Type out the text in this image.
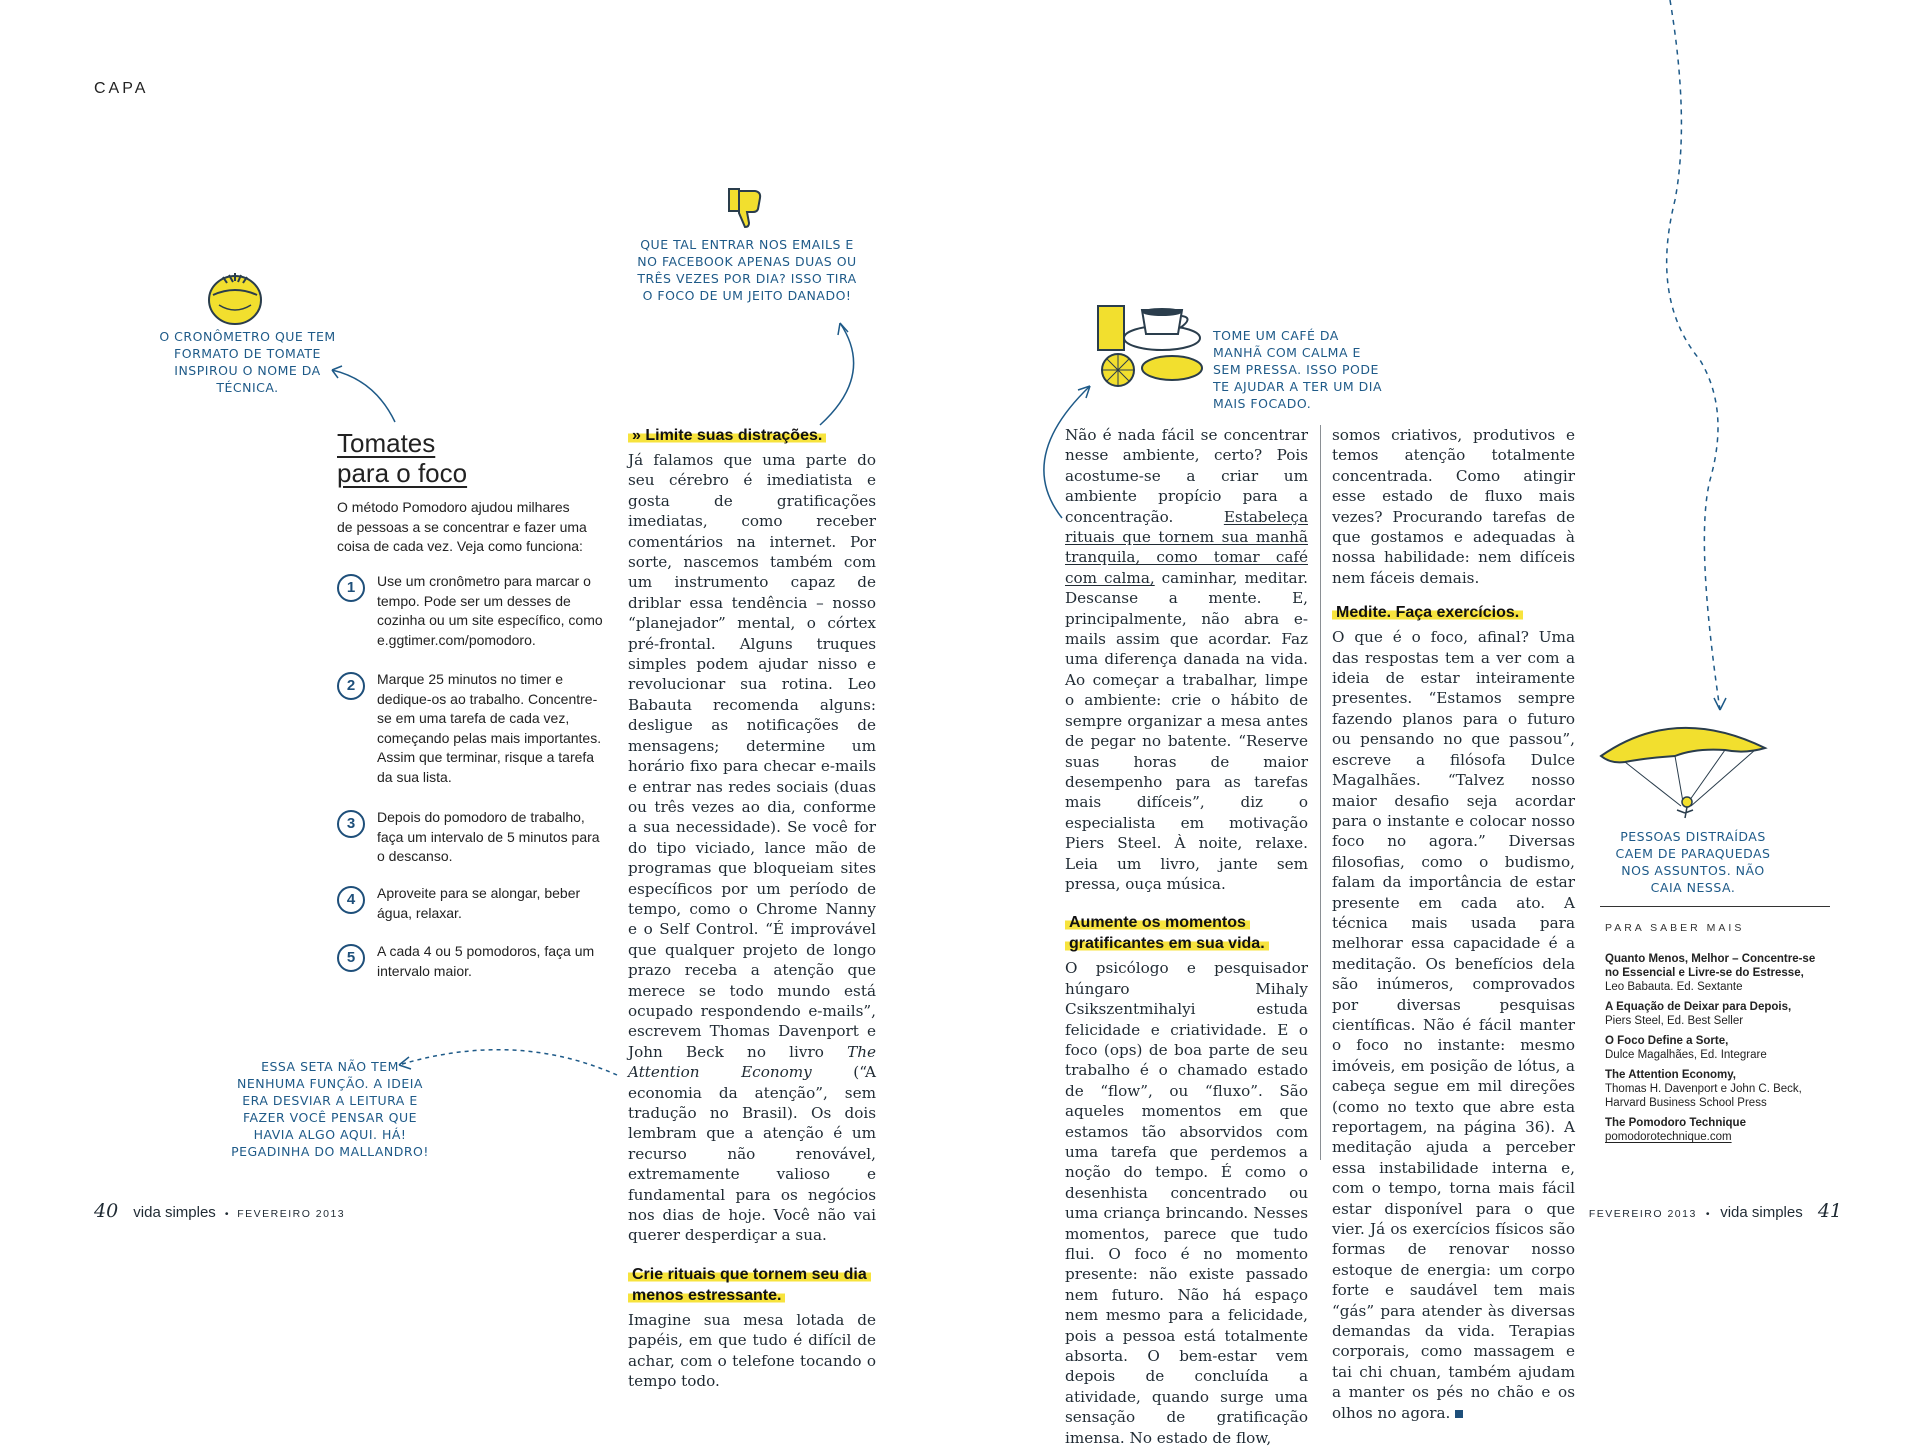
CAPA
O CRONÔMETRO QUE TEM FORMATO DE TOMATE INSPIROU O NOME DA TÉCNICA.
Tomates
para o foco
O método Pomodoro ajudou milhares de pessoas a se concentrar e fazer uma coisa de cada vez. Veja como funciona:
1	Use um cronômetro para marcar o tempo. Pode ser um desses de cozinha ou um site específico, como e.ggtimer.com/pomodoro.
2	Marque 25 minutos no timer e dedique-os ao trabalho. Concentre-se em uma tarefa de cada vez, começando pelas mais importantes. Assim que terminar, risque a tarefa da sua lista.
3	Depois do pomodoro de trabalho, faça um intervalo de 5 minutos para o descanso.
4	Aproveite para se alongar, beber água, relaxar.
5	A cada 4 ou 5 pomodoros, faça um intervalo maior.
ESSA SETA NÃO TEM NENHUMA FUNÇÃO. A IDEIA ERA DESVIAR A LEITURA E FAZER VOCÊ PENSAR QUE HAVIA ALGO AQUI. HÁ! PEGADINHA DO MALLANDRO!
QUE TAL ENTRAR NOS EMAILS E NO FACEBOOK APENAS DUAS OU TRÊS VEZES POR DIA? ISSO TIRA O FOCO DE UM JEITO DANADO!
» Limite suas distrações.

Já falamos que uma parte do seu cérebro é imediatista e gosta de gratificações imediatas, como receber comentários na internet. Por sorte, nascemos também com um instrumento capaz de driblar essa tendência – nosso “planejador” mental, o córtex pré-frontal. Alguns truques simples podem ajudar nisso e revolucionar sua rotina. Leo Babauta recomenda alguns: desligue as notificações de mensagens; determine um horário fixo para checar e-mails e entrar nas redes sociais (duas ou três vezes ao dia, conforme a sua necessidade). Se você for do tipo viciado, lance mão de programas que bloqueiam sites específicos por um período de tempo, como o Chrome Nanny e o Self Control. “É improvável que qualquer projeto de longo prazo receba a atenção que merece se todo mundo está ocupado respondendo e-mails”, escrevem Thomas Davenport e John Beck no livro The Attention Economy	(“A economia da atenção”, sem tradução no Brasil). Os dois lembram que a atenção é um recurso não renovável, extremamente valioso e fundamental para os negócios nos dias de hoje. Você não vai querer desperdiçar a sua.

Crie rituais que tornem seu dia menos estressante.

Imagine sua mesa lotada de papéis, em que tudo é difícil de achar, com o telefone tocando o tempo todo.

TOME UM CAFÉ DA MANHÃ COM CALMA E SEM PRESSA. ISSO PODE TE AJUDAR A TER UM DIA MAIS FOCADO.

Não é nada fácil se concentrar nesse ambiente, certo? Pois acostume-se a criar um ambiente propício para a concentração.	Estabeleça rituais que tornem sua manhã tranquila, como tomar café com calma, caminhar, meditar. Descanse a mente. E, principalmente, não abra e-mails assim que acordar. Faz uma diferença danada na vida. Ao começar a trabalhar, limpe o ambiente: crie o hábito de sempre organizar a mesa antes de pegar no batente. “Reserve suas horas de maior desempenho para as tarefas mais difíceis”, diz o especialista em motivação Piers Steel. À noite, relaxe. Leia um livro, jante sem pressa, ouça música.

Aumente os momentos gratificantes em sua vida.

O psicólogo e pesquisador húngaro Mihaly Csikszentmihalyi estuda felicidade e criatividade. E o foco (ops) de boa parte de seu trabalho é o chamado estado de “flow”, ou “fluxo”. São aqueles momentos em que estamos tão absorvidos com uma tarefa que perdemos a noção do tempo. É como o desenhista concentrado ou uma criança brincando. Nesses momentos, parece que tudo flui. O foco é no momento presente: não existe passado nem futuro. Não há espaço nem mesmo para a felicidade, pois a pessoa está totalmente absorta. O bem-estar vem depois de concluída a atividade, quando surge uma sensação de gratificação imensa. No estado de flow,

somos criativos, produtivos e temos atenção totalmente concentrada. Como atingir esse estado de fluxo mais vezes? Procurando tarefas de que gostamos e adequadas à nossa habilidade: nem difíceis nem fáceis demais.

Medite. Faça exercícios.

O que é o foco, afinal? Uma das respostas tem a ver com a ideia de estar inteiramente presentes. “Estamos sempre fazendo planos para o futuro ou pensando no que passou”, escreve a filósofa Dulce Magalhães. “Talvez nosso maior desafio seja acordar para o instante e colocar nosso foco no agora.” Diversas filosofias, como o budismo, falam da importância de estar presente em cada ato. A técnica mais usada para melhorar essa capacidade é a meditação. Os benefícios dela são inúmeros, comprovados por diversas pesquisas científicas. Não é fácil manter o foco no instante: mesmo imóveis, em posição de lótus, a cabeça segue em mil direções (como no texto que abre esta reportagem, na página 36). A meditação ajuda a perceber essa instabilidade interna e, com o tempo, torna mais fácil estar disponível para o que vier. Já os exercícios físicos são formas de renovar nosso estoque de energia: um corpo forte e saudável tem mais “gás” para atender às diversas demandas da vida. Terapias corporais, como massagem e tai chi chuan, também ajudam a manter os pés no chão e os olhos no agora.

PESSOAS DISTRAÍDAS CAEM DE PARAQUEDAS NOS ASSUNTOS. NÃO CAIA NESSA.
PARA SABER MAIS
Quanto Menos, Melhor – Concentre-se no Essencial e Livre-se do Estresse,
Leo Babauta. Ed. Sextante
A Equação de Deixar para Depois,
Piers Steel, Ed. Best Seller
O Foco Define a Sorte,
Dulce Magalhães, Ed. Integrare
The Attention Economy,
Thomas H. Davenport e John C. Beck, Harvard Business School Press
The Pomodoro Technique
pomodorotechnique.com
40 vida simples • FEVEREIRO 2013	FEVEREIRO 2013 • vida simples 41
